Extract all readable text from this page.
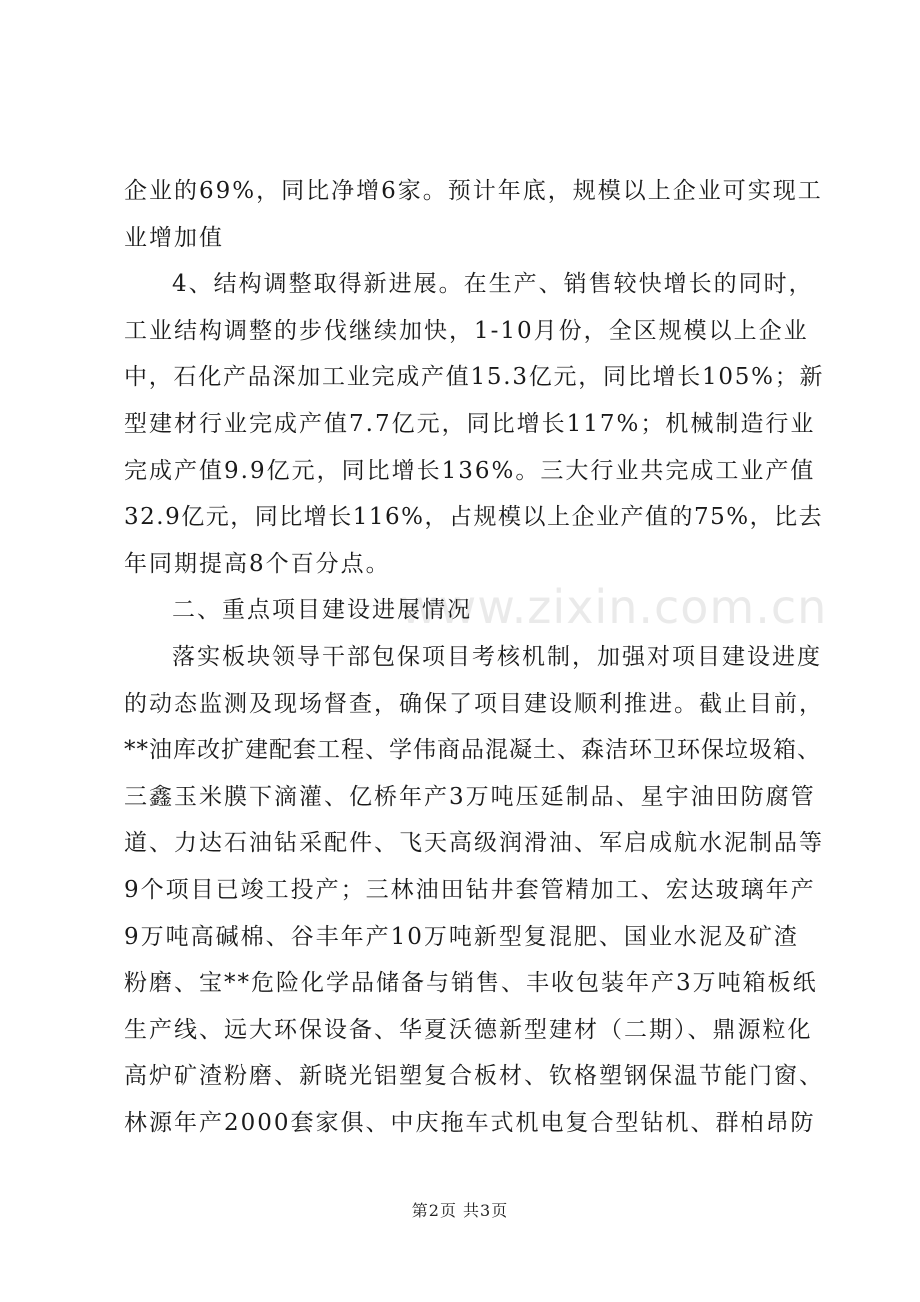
www.zixin.com.cn
企业的69%，同比净增6家。预计年底，规模以上企业可实现工
业增加值
4、结构调整取得新进展。在生产、销售较快增长的同时，
工业结构调整的步伐继续加快，1-10月份，全区规模以上企业
中，石化产品深加工业完成产值15.3亿元，同比增长105%；新
型建材行业完成产值7.7亿元，同比增长117%；机械制造行业
完成产值9.9亿元，同比增长136%。三大行业共完成工业产值
32.9亿元，同比增长116%，占规模以上企业产值的75%，比去
年同期提高8个百分点。
二、重点项目建设进展情况
落实板块领导干部包保项目考核机制，加强对项目建设进度
的动态监测及现场督查，确保了项目建设顺利推进。截止目前，
**油库改扩建配套工程、学伟商品混凝土、森洁环卫环保垃圾箱、
三鑫玉米膜下滴灌、亿桥年产3万吨压延制品、星宇油田防腐管
道、力达石油钻采配件、飞天高级润滑油、军启成航水泥制品等
9个项目已竣工投产；三林油田钻井套管精加工、宏达玻璃年产
9万吨高碱棉、谷丰年产10万吨新型复混肥、国业水泥及矿渣
粉磨、宝**危险化学品储备与销售、丰收包装年产3万吨箱板纸
生产线、远大环保设备、华夏沃德新型建材（二期）、鼎源粒化
高炉矿渣粉磨、新晓光铝塑复合板材、钦格塑钢保温节能门窗、
林源年产2000套家俱、中庆拖车式机电复合型钻机、群柏昂防
第2页 共3页
